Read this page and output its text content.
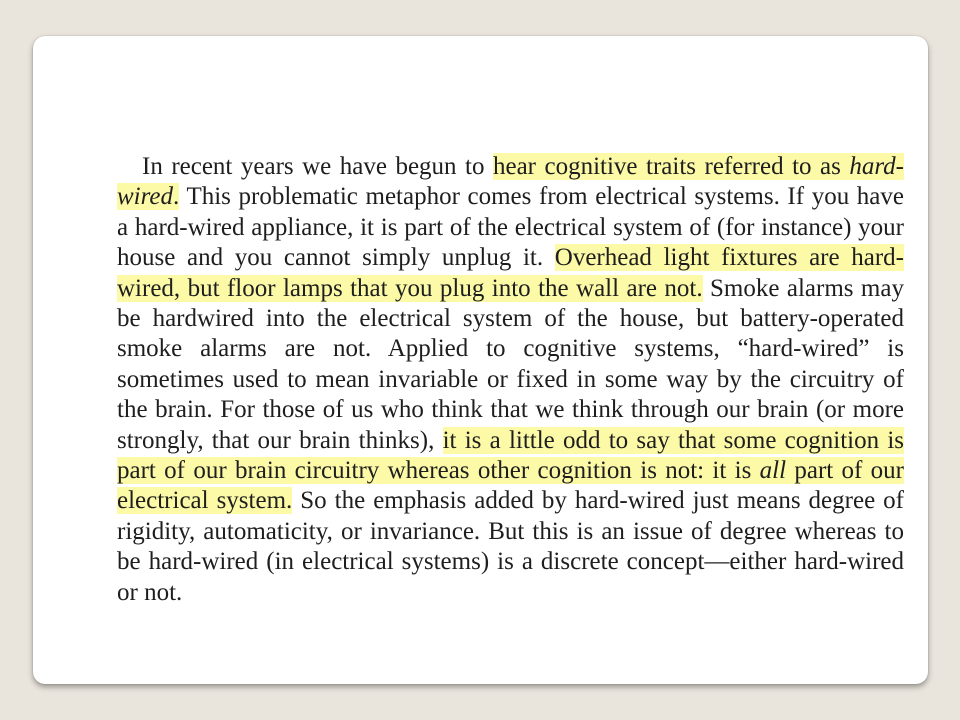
In recent years we have begun to hear cognitive traits referred to as hard-wired. This problematic metaphor comes from electrical systems. If you have a hard-wired appliance, it is part of the electrical system of (for instance) your house and you cannot simply unplug it. Overhead light fixtures are hard-wired, but floor lamps that you plug into the wall are not. Smoke alarms may be hardwired into the electrical system of the house, but battery-operated smoke alarms are not. Applied to cognitive systems, “hard-wired” is sometimes used to mean invariable or fixed in some way by the circuitry of the brain. For those of us who think that we think through our brain (or more strongly, that our brain thinks), it is a little odd to say that some cognition is part of our brain circuitry whereas other cognition is not: it is all part of our electrical system. So the emphasis added by hard-wired just means degree of rigidity, automaticity, or invariance. But this is an issue of degree whereas to be hard-wired (in electrical systems) is a discrete concept—either hard-wired or not.
